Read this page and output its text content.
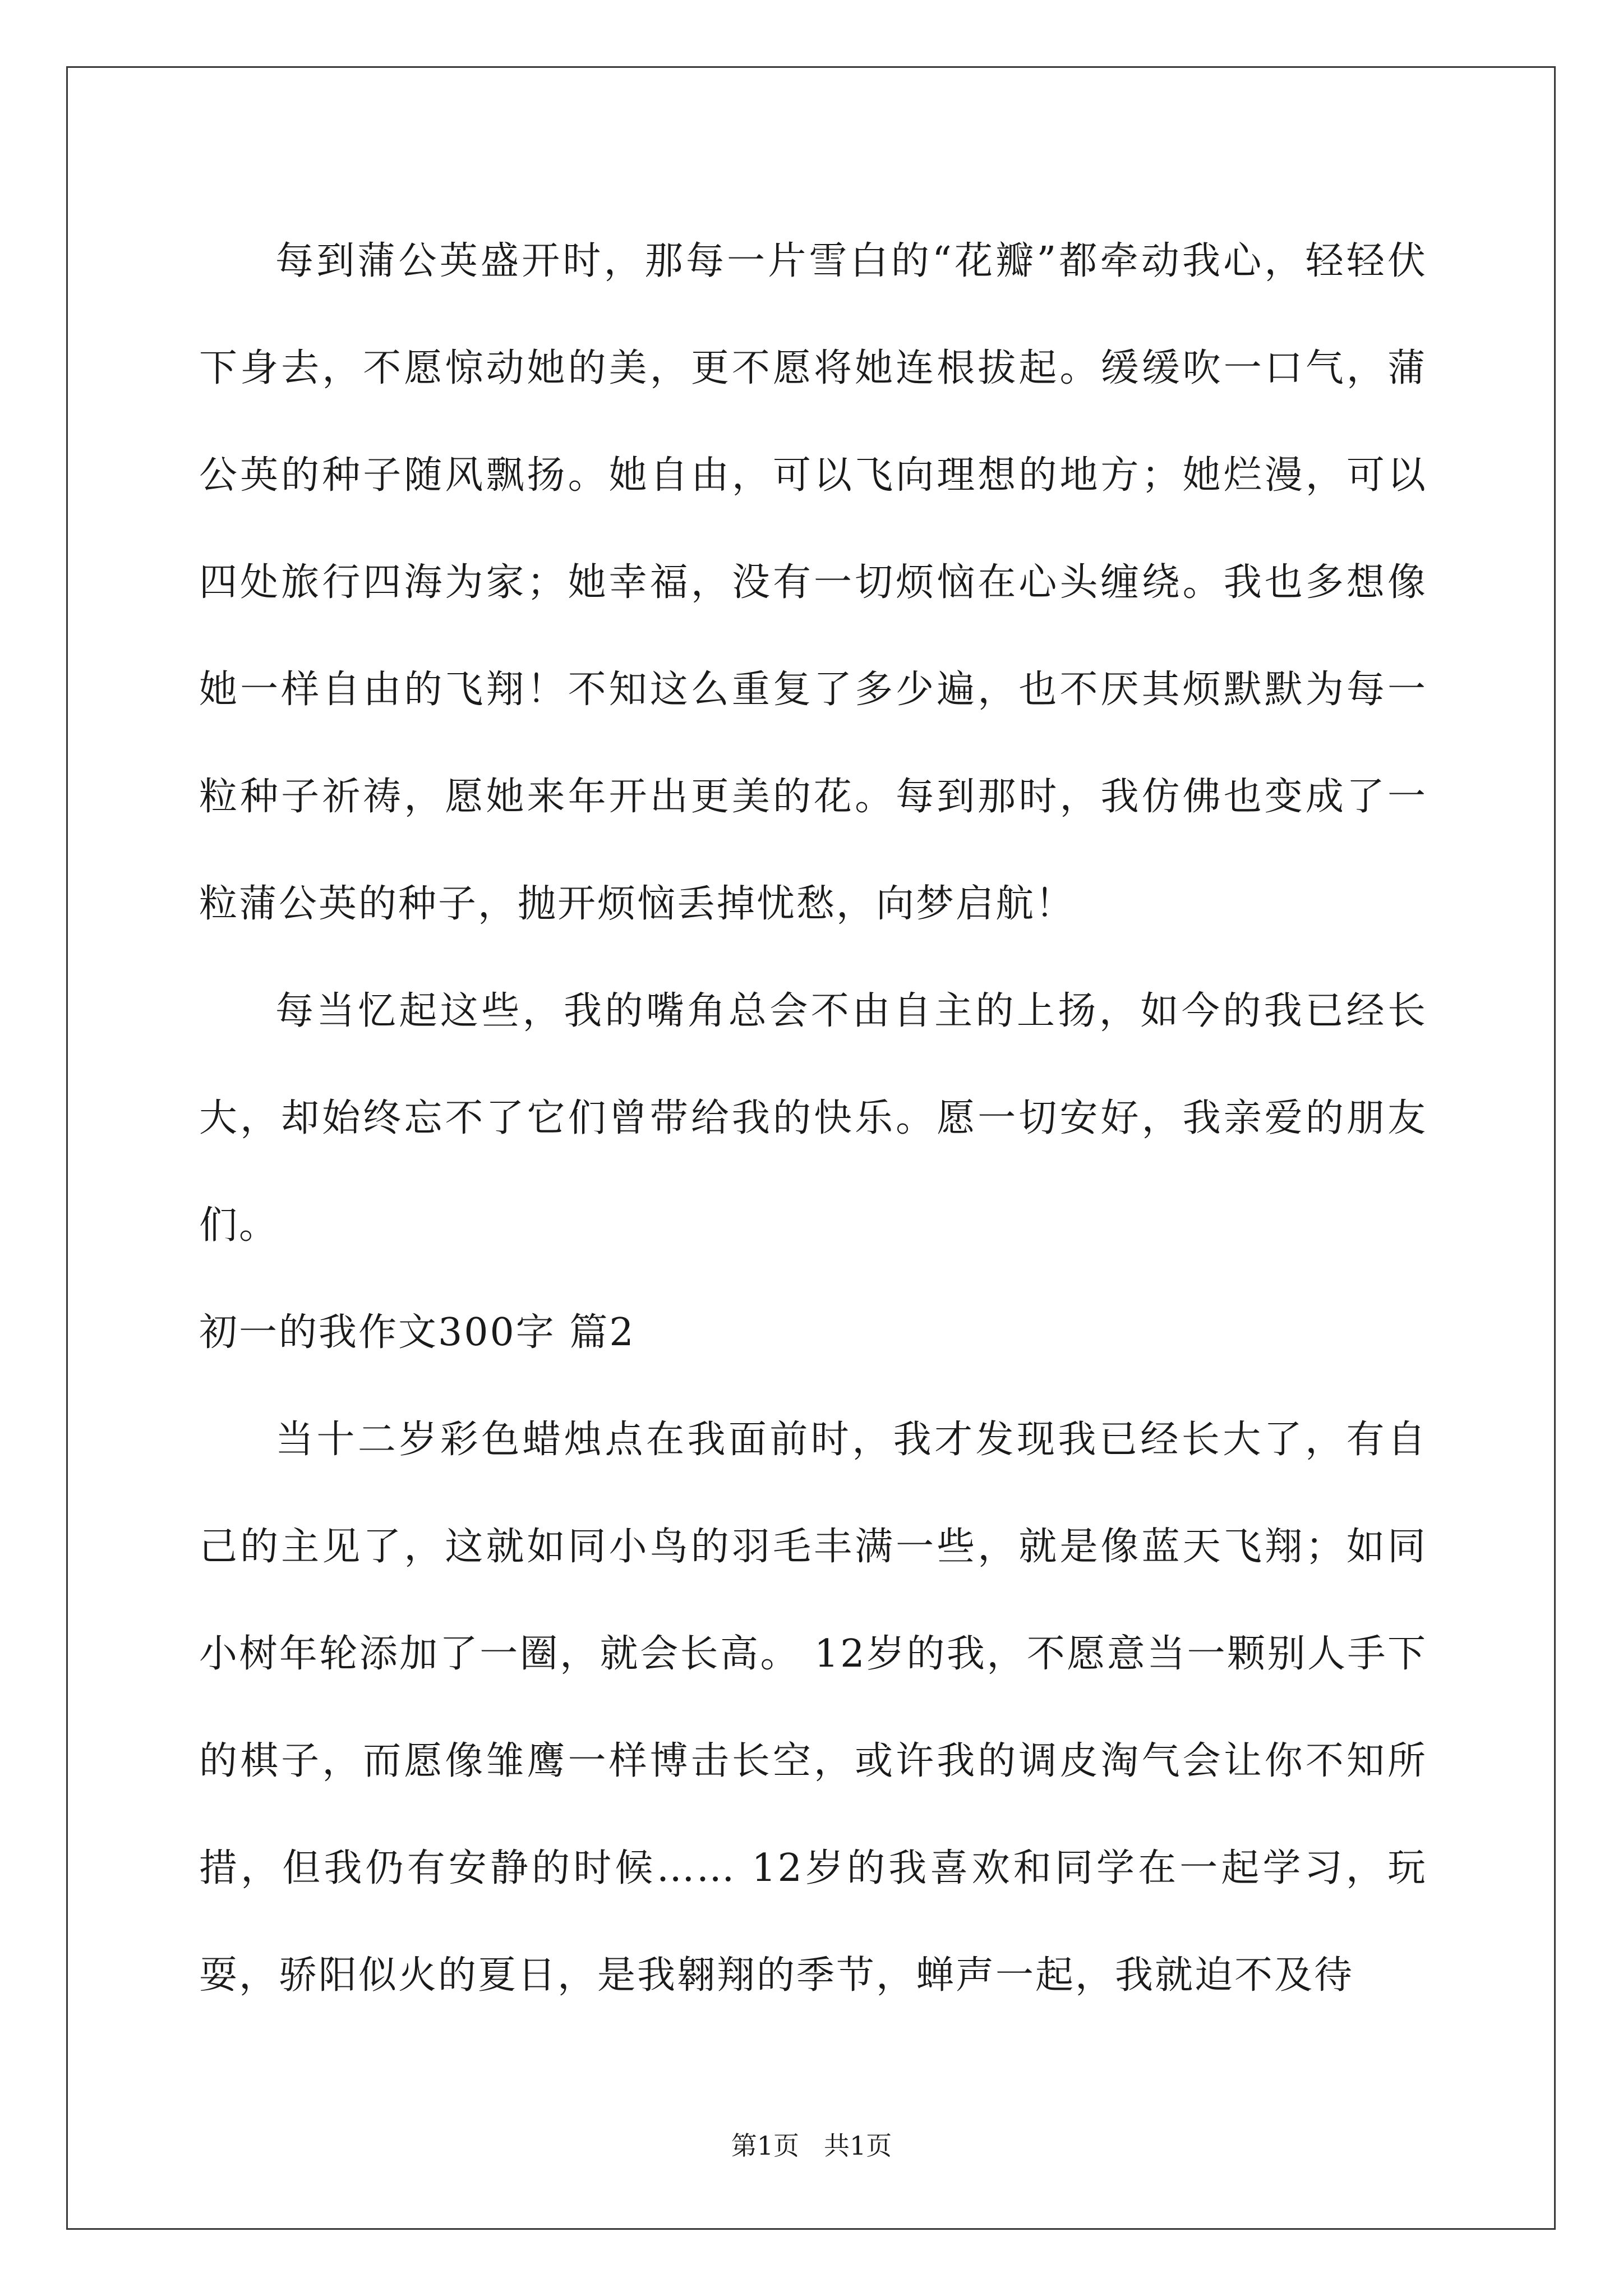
每到蒲公英盛开时，那每一片雪白的“花瓣”都牵动我心，轻轻伏下身去，不愿惊动她的美，更不愿将她连根拔起。缓缓吹一口气，蒲公英的种子随风飘扬。她自由，可以飞向理想的地方；她烂漫，可以四处旅行四海为家；她幸福，没有一切烦恼在心头缠绕。我也多想像她一样自由的飞翔！不知这么重复了多少遍，也不厌其烦默默为每一粒种子祈祷，愿她来年开出更美的花。每到那时，我仿佛也变成了一粒蒲公英的种子，抛开烦恼丢掉忧愁，向梦启航！

每当忆起这些，我的嘴角总会不由自主的上扬，如今的我已经长大，却始终忘不了它们曾带给我的快乐。愿一切安好，我亲爱的朋友们。

初一的我作文300字 篇2

当十二岁彩色蜡烛点在我面前时，我才发现我已经长大了，有自己的主见了，这就如同小鸟的羽毛丰满一些，就是像蓝天飞翔；如同小树年轮添加了一圈，就会长高。 12岁的我，不愿意当一颗别人手下的棋子，而愿像雏鹰一样博击长空，或许我的调皮淘气会让你不知所措，但我仍有安静的时候…… 12岁的我喜欢和同学在一起学习，玩耍，骄阳似火的夏日，是我翱翔的季节，蝉声一起，我就迫不及待

第1页 共1页
